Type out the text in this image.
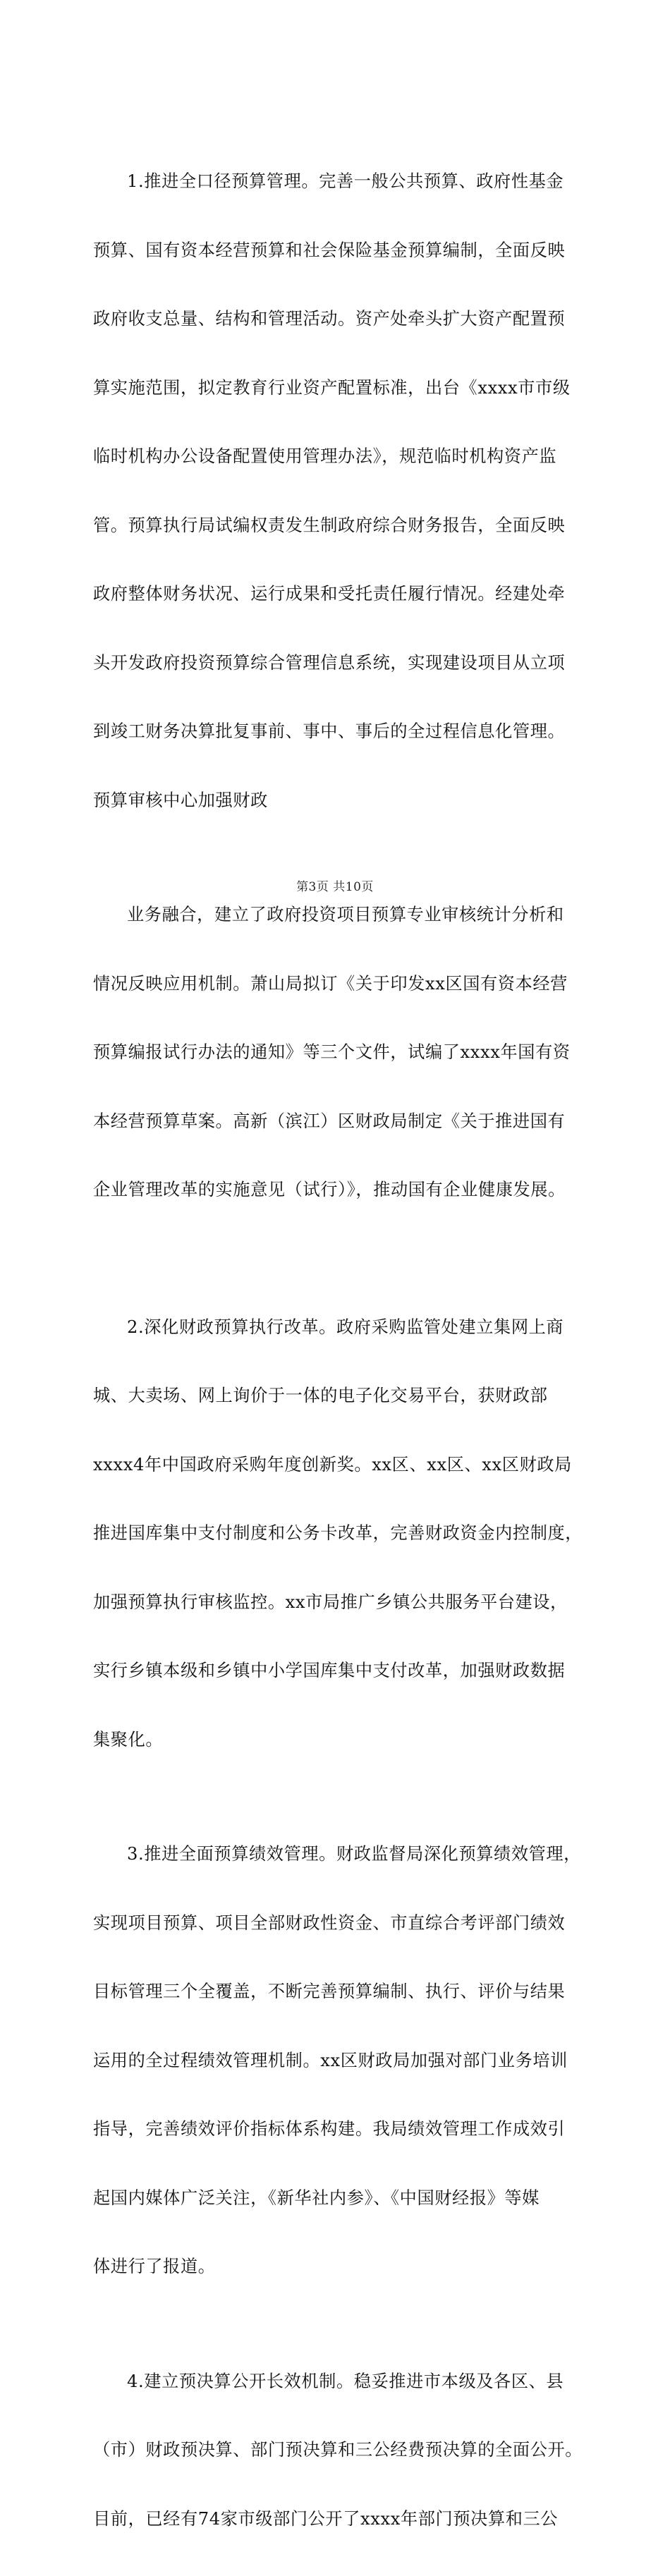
1.推进全口径预算管理。完善一般公共预算、政府性基金

预算、国有资本经营预算和社会保险基金预算编制，全面反映

政府收支总量、结构和管理活动。资产处牵头扩大资产配置预

算实施范围，拟定教育行业资产配置标准，出台《xxxx市市级

临时机构办公设备配置使用管理办法》，规范临时机构资产监

管。预算执行局试编权责发生制政府综合财务报告，全面反映

政府整体财务状况、运行成果和受托责任履行情况。经建处牵

头开发政府投资预算综合管理信息系统，实现建设项目从立项

到竣工财务决算批复事前、事中、事后的全过程信息化管理。

预算审核中心加强财政

业务融合，建立了政府投资项目预算专业审核统计分析和

情况反映应用机制。萧山局拟订《关于印发xx区国有资本经营

预算编报试行办法的通知》等三个文件，试编了xxxx年国有资

本经营预算草案。高新（滨江）区财政局制定《关于推进国有

企业管理改革的实施意见（试行）》，推动国有企业健康发展。

2.深化财政预算执行改革。政府采购监管处建立集网上商

城、大卖场、网上询价于一体的电子化交易平台，获财政部

xxxx4年中国政府采购年度创新奖。xx区、xx区、xx区财政局

推进国库集中支付制度和公务卡改革，完善财政资金内控制度，

加强预算执行审核监控。xx市局推广乡镇公共服务平台建设，

实行乡镇本级和乡镇中小学国库集中支付改革，加强财政数据

集聚化。

3.推进全面预算绩效管理。财政监督局深化预算绩效管理，

实现项目预算、项目全部财政性资金、市直综合考评部门绩效

目标管理三个全覆盖，不断完善预算编制、执行、评价与结果

运用的全过程绩效管理机制。xx区财政局加强对部门业务培训

指导，完善绩效评价指标体系构建。我局绩效管理工作成效引

起国内媒体广泛关注，《新华社内参》、《中国财经报》等媒

体进行了报道。

4.建立预决算公开长效机制。稳妥推进市本级及各区、县

（市）财政预决算、部门预决算和三公经费预决算的全面公开。

目前，已经有74家市级部门公开了xxxx年部门预决算和三公

第3页 共10页
